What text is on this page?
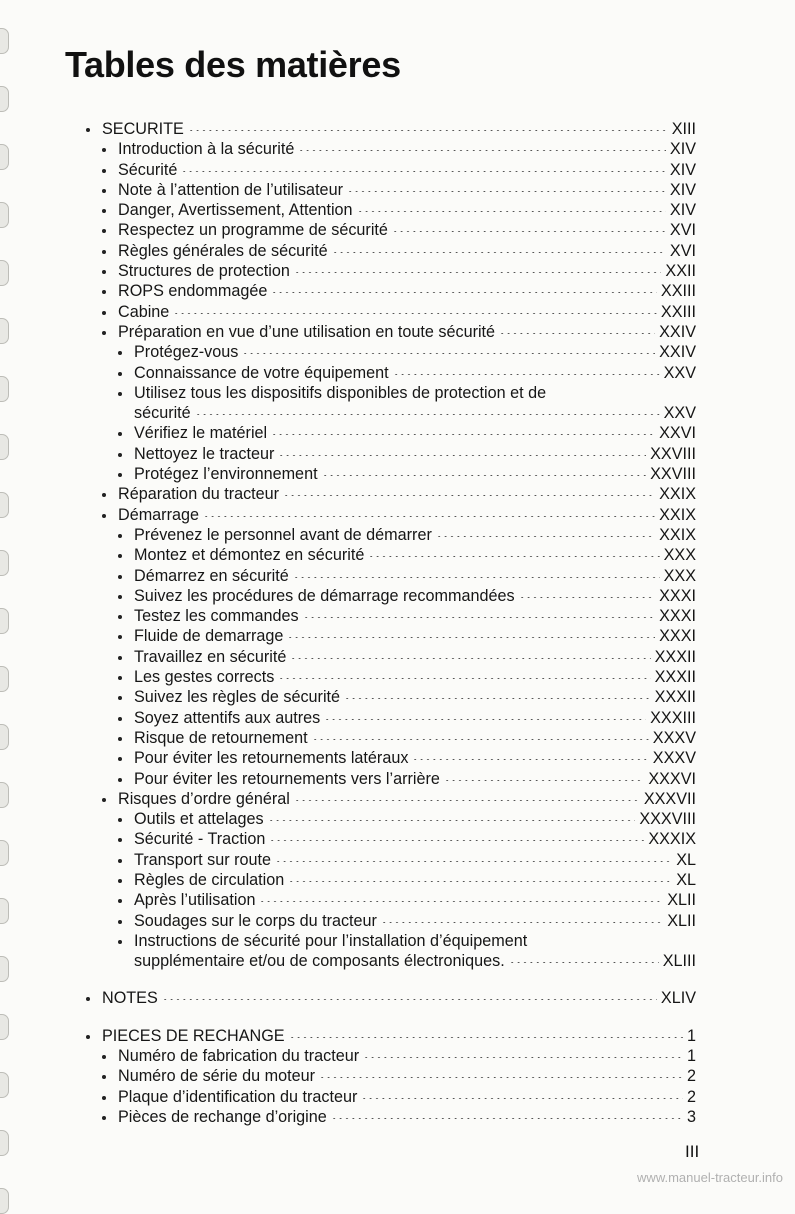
Tables des matières
SECURITE	XIII
Introduction à la sécurité	XIV
Sécurité	XIV
Note à l’attention de l’utilisateur	XIV
Danger, Avertissement, Attention	XIV
Respectez un programme de sécurité	XVI
Règles générales de sécurité	XVI
Structures de protection	XXII
ROPS endommagée	XXIII
Cabine	XXIII
Préparation en vue d’une utilisation en toute sécurité	XXIV
Protégez-vous	XXIV
Connaissance de votre équipement	XXV
Utilisez tous les dispositifs disponibles de protection et de
sécurité	XXV
Vérifiez le matériel	XXVI
Nettoyez le tracteur	XXVIII
Protégez l’environnement	XXVIII
Réparation du tracteur	XXIX
Démarrage	XXIX
Prévenez le personnel avant de démarrer	XXIX
Montez et démontez en sécurité	XXX
Démarrez en sécurité	XXX
Suivez les procédures de démarrage recommandées	XXXI
Testez les commandes	XXXI
Fluide de demarrage	XXXI
Travaillez en sécurité	XXXII
Les gestes corrects	XXXII
Suivez les règles de sécurité	XXXII
Soyez attentifs aux autres	XXXIII
Risque de retournement	XXXV
Pour éviter les retournements latéraux	XXXV
Pour éviter les retournements vers l’arrière	XXXVI
Risques d’ordre général	XXXVII
Outils et attelages	XXXVIII
Sécurité - Traction	XXXIX
Transport sur route	XL
Règles de circulation	XL
Après l’utilisation	XLII
Soudages sur le corps du tracteur	XLII
Instructions de sécurité pour l’installation d’équipement
supplémentaire et/ou de composants électroniques.	XLIII
NOTES	XLIV
PIECES DE RECHANGE	1
Numéro de fabrication du tracteur	1
Numéro de série du moteur	2
Plaque d’identification du tracteur	2
Pièces de rechange d’origine	3

III

www.manuel-tracteur.info
